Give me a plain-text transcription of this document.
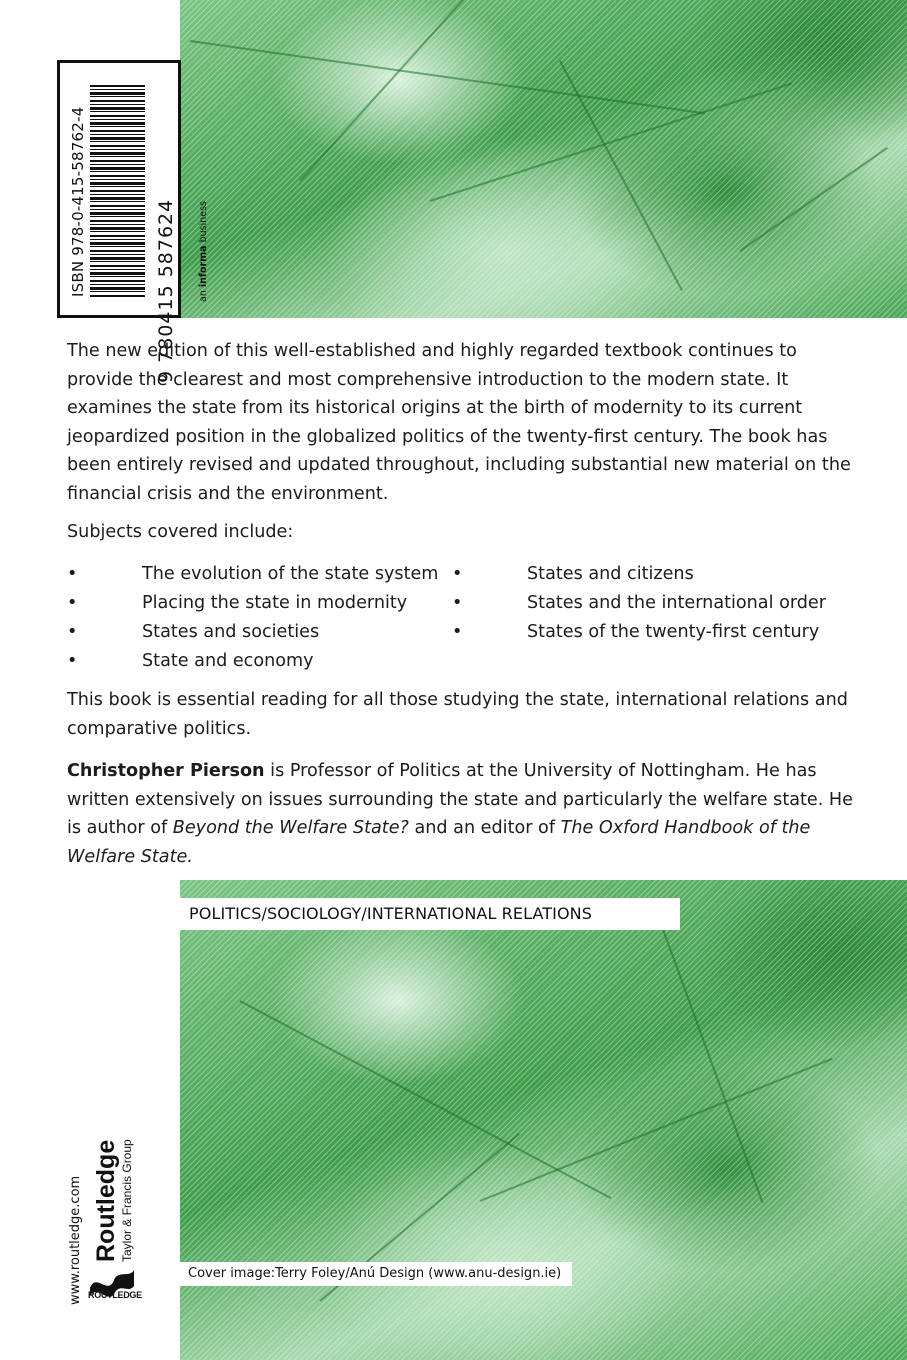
ISBN 978-0-415-58762-4	9 780415 587624 an informa business

The new edition of this well-established and highly regarded textbook continues to provide the clearest and most comprehensive introduction to the modern state. It examines the state from its historical origins at the birth of modernity to its current jeopardized position in the globalized politics of the twenty-first century. The book has been entirely revised and updated throughout, including substantial new material on the financial crisis and the environment.

Subjects covered include:

•	The evolution of the state system
•	Placing the state in modernity
•	States and societies
•	State and economy
•	States and citizens
•	States and the international order
•	States of the twenty-first century

This book is essential reading for all those studying the state, international relations and comparative politics.

Christopher Pierson is Professor of Politics at the University of Nottingham. He has written extensively on issues surrounding the state and particularly the welfare state. He is author of Beyond the Welfare State? and an editor of The Oxford Handbook of the Welfare State.

POLITICS/SOCIOLOGY/INTERNATIONAL RELATIONS
Cover image:Terry Foley/Anú Design (www.anu-design.ie)
www.routledge.com Routledge Taylor & Francis Group
ROUTLEDGE
